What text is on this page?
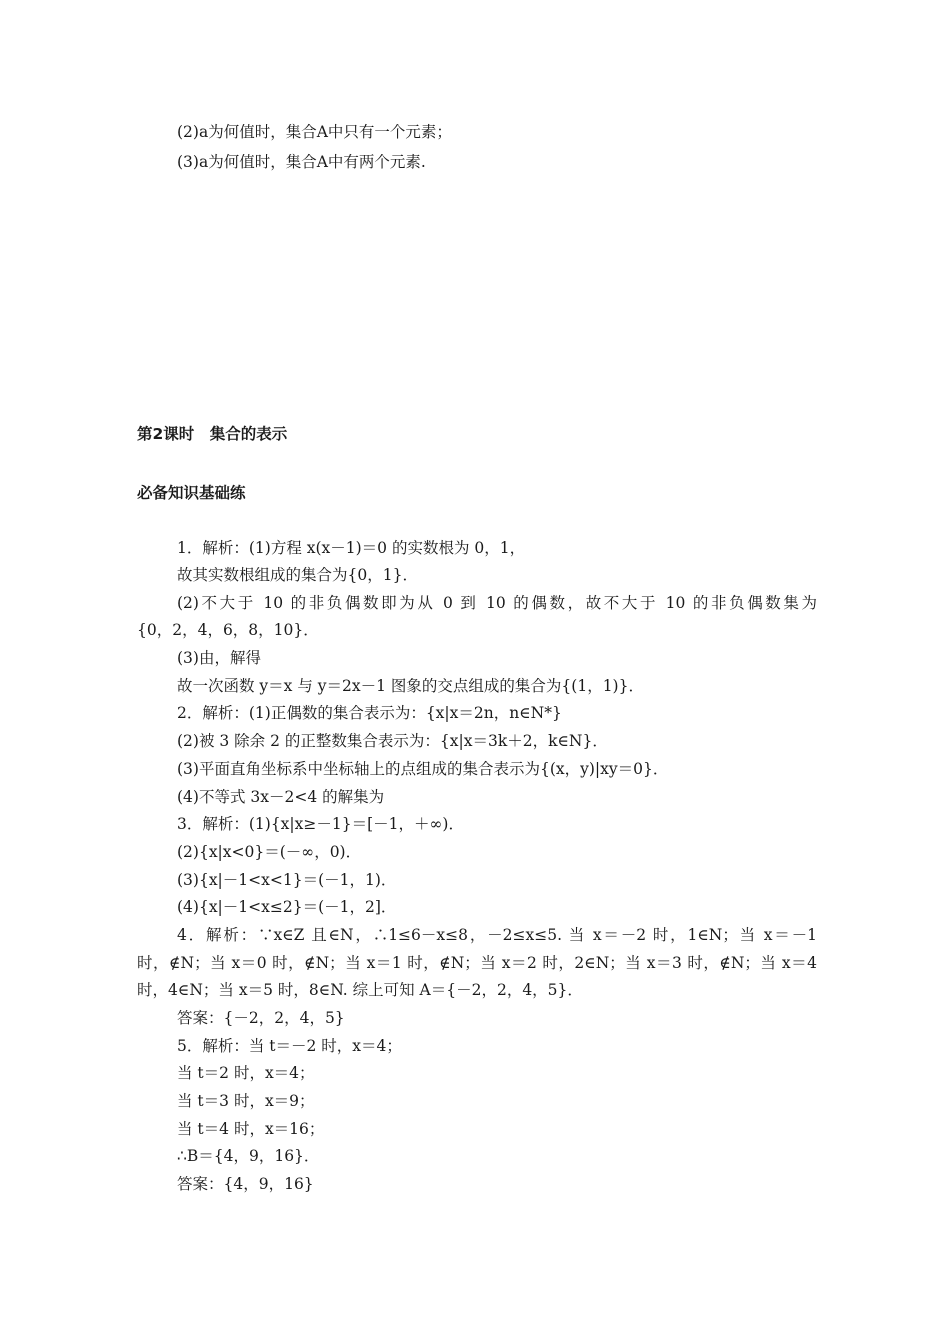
(2)a为何值时，集合A中只有一个元素；
(3)a为何值时，集合A中有两个元素.
第2课时　集合的表示
必备知识基础练
1．解析：(1)方程 x(x－1)＝0 的实数根为 0，1，
故其实数根组成的集合为{0，1}．
(2)不大于 10 的非负偶数即为从 0 到 10 的偶数，故不大于 10 的非负偶数集为
{0，2，4，6，8，10}．
(3)由，解得
故一次函数 y＝x 与 y＝2x－1 图象的交点组成的集合为{(1，1)}．
2．解析：(1)正偶数的集合表示为：{x|x＝2n，n∈N*}
(2)被 3 除余 2 的正整数集合表示为：{x|x＝3k＋2，k∈N}．
(3)平面直角坐标系中坐标轴上的点组成的集合表示为{(x，y)|xy＝0}．
(4)不等式 3x－2<4 的解集为
3．解析：(1){x|x≥－1}＝[－1，＋∞)．
(2){x|x<0}＝(－∞，0)．
(3){x|－1<x<1}＝(－1，1)．
(4){x|－1<x≤2}＝(－1，2]．
4．解析：∵x∈Z 且∈N，∴1≤6－x≤8，－2≤x≤5. 当 x＝－2 时，1∈N；当 x＝－1
时，∉N；当 x＝0 时，∉N；当 x＝1 时，∉N；当 x＝2 时，2∈N；当 x＝3 时，∉N；当 x＝4
时，4∈N；当 x＝5 时，8∈N. 综上可知 A＝{－2，2，4，5}．
答案：{－2，2，4，5}
5．解析：当 t＝－2 时，x＝4；
当 t＝2 时，x＝4；
当 t＝3 时，x＝9；
当 t＝4 时，x＝16；
∴B＝{4，9，16}．
答案：{4，9，16}
